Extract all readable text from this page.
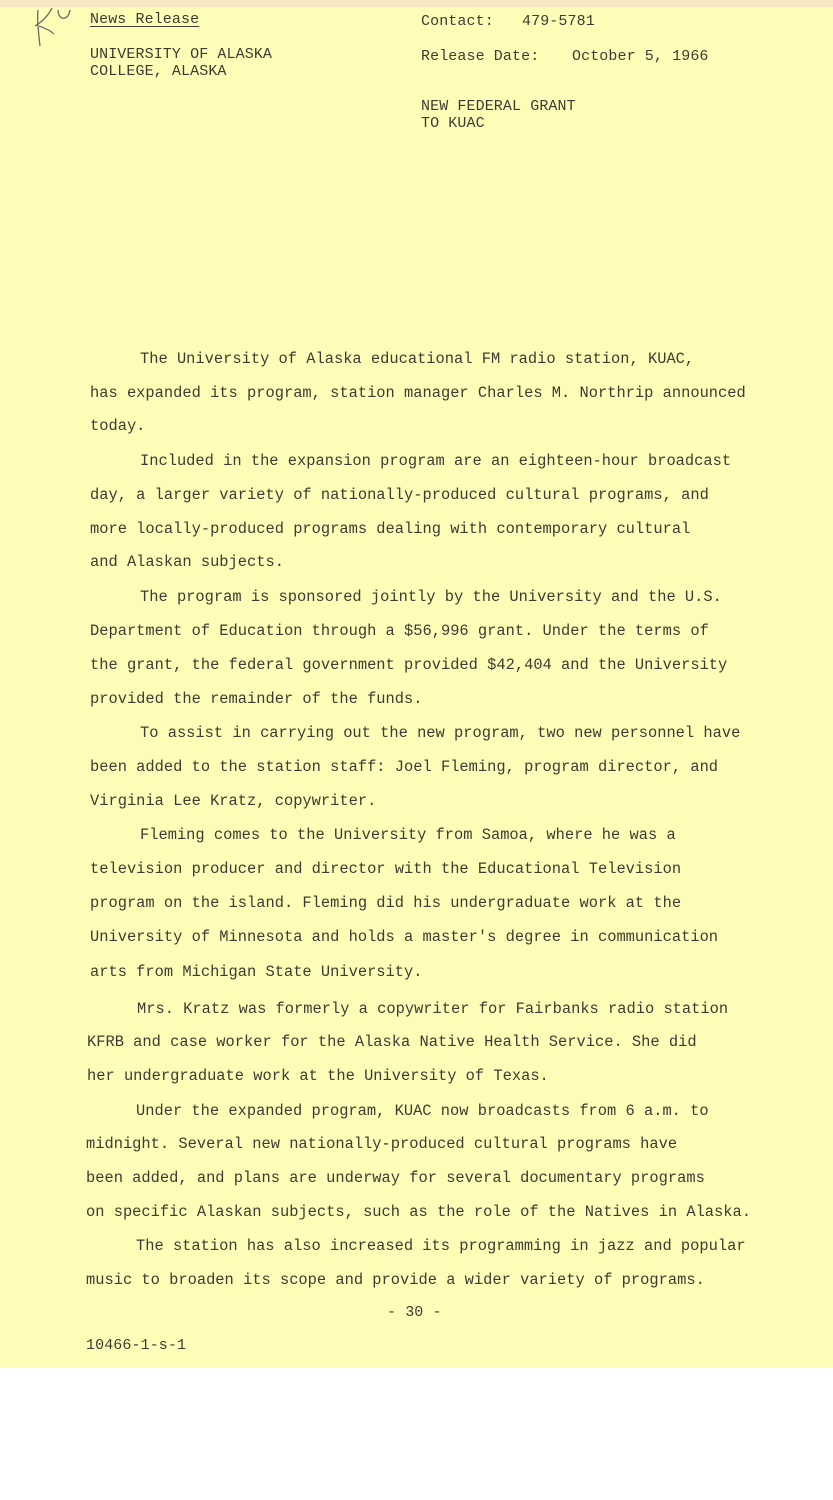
News Release
UNIVERSITY OF ALASKA
COLLEGE, ALASKA
Contact: 479-5781
Release Date: October 5, 1966
NEW FEDERAL GRANT
TO KUAC
The University of Alaska educational FM radio station, KUAC,
has expanded its program, station manager Charles M. Northrip announced
today.
Included in the expansion program are an eighteen-hour broadcast
day, a larger variety of nationally-produced cultural programs, and
more locally-produced programs dealing with contemporary cultural
and Alaskan subjects.
The program is sponsored jointly by the University and the U.S.
Department of Education through a $56,996 grant. Under the terms of
the grant, the federal government provided $42,404 and the University
provided the remainder of the funds.
To assist in carrying out the new program, two new personnel have
been added to the station staff: Joel Fleming, program director, and
Virginia Lee Kratz, copywriter.
Fleming comes to the University from Samoa, where he was a
television producer and director with the Educational Television
program on the island. Fleming did his undergraduate work at the
University of Minnesota and holds a master's degree in communication
arts from Michigan State University.
Mrs. Kratz was formerly a copywriter for Fairbanks radio station
KFRB and case worker for the Alaska Native Health Service. She did
her undergraduate work at the University of Texas.
Under the expanded program, KUAC now broadcasts from 6 a.m. to
midnight. Several new nationally-produced cultural programs have
been added, and plans are underway for several documentary programs
on specific Alaskan subjects, such as the role of the Natives in Alaska.
The station has also increased its programming in jazz and popular
music to broaden its scope and provide a wider variety of programs.
- 30 -
10466-1-s-1
